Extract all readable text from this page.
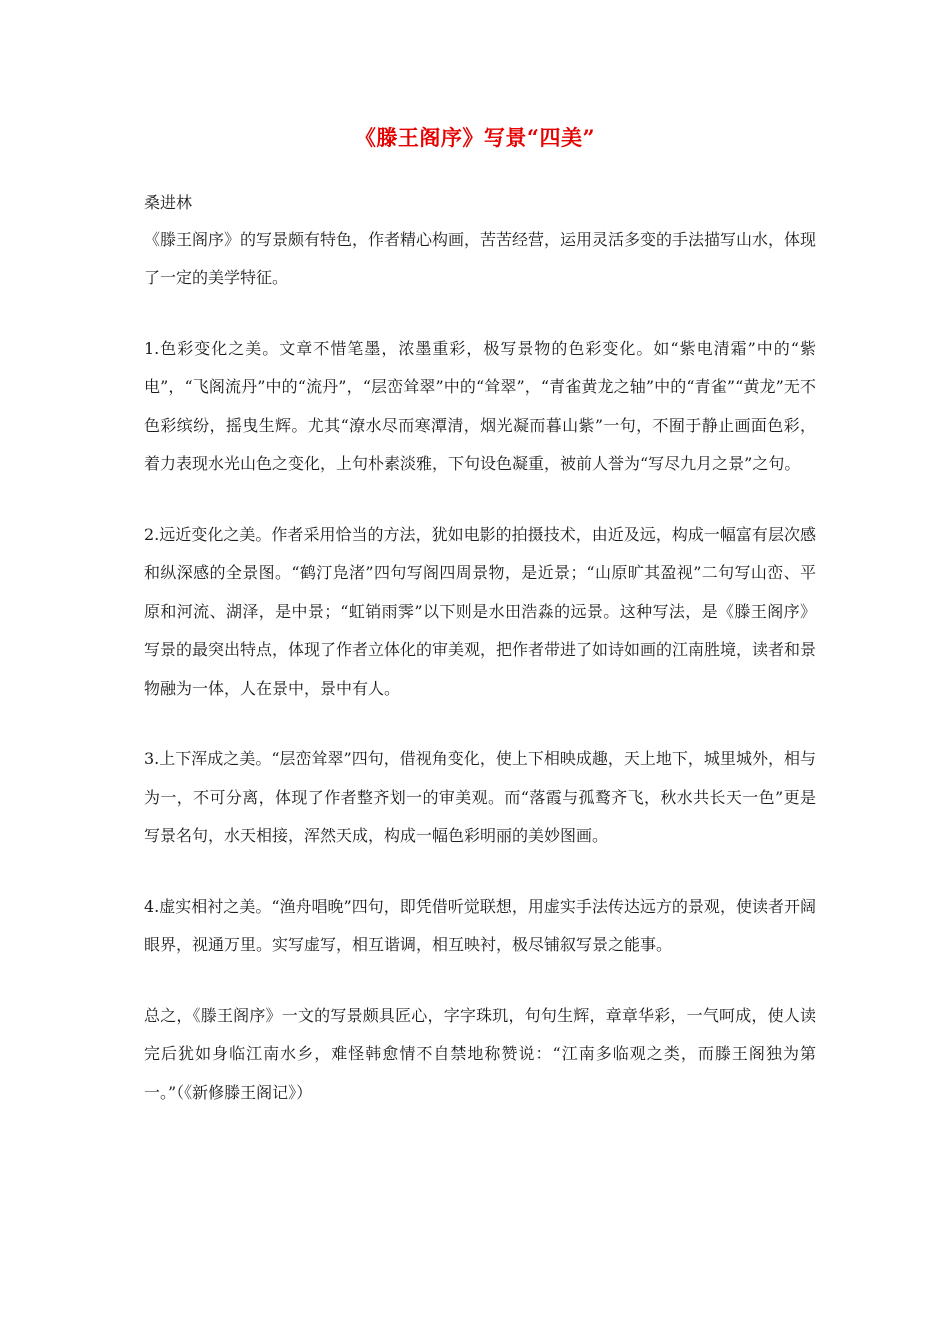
《滕王阁序》写景“四美”

桑进林

《滕王阁序》的写景颇有特色，作者精心构画，苦苦经营，运用灵活多变的手法描写山水，体现了一定的美学特征。

1.色彩变化之美。文章不惜笔墨，浓墨重彩，极写景物的色彩变化。如“紫电清霜”中的“紫电”，“飞阁流丹”中的“流丹”，“层峦耸翠”中的“耸翠”，“青雀黄龙之轴”中的“青雀”“黄龙”无不色彩缤纷，摇曳生辉。尤其“潦水尽而寒潭清，烟光凝而暮山紫”一句，不囿于静止画面色彩，着力表现水光山色之变化，上句朴素淡雅，下句设色凝重，被前人誉为“写尽九月之景”之句。

2.远近变化之美。作者采用恰当的方法，犹如电影的拍摄技术，由近及远，构成一幅富有层次感和纵深感的全景图。“鹤汀凫渚”四句写阁四周景物，是近景；“山原旷其盈视”二句写山峦、平原和河流、湖泽，是中景；“虹销雨霁”以下则是水田浩淼的远景。这种写法，是《滕王阁序》写景的最突出特点，体现了作者立体化的审美观，把作者带进了如诗如画的江南胜境，读者和景物融为一体，人在景中，景中有人。

3.上下浑成之美。“层峦耸翠”四句，借视角变化，使上下相映成趣，天上地下，城里城外，相与为一，不可分离，体现了作者整齐划一的审美观。而“落霞与孤鹜齐飞，秋水共长天一色”更是写景名句，水天相接，浑然天成，构成一幅色彩明丽的美妙图画。

4.虚实相衬之美。“渔舟唱晚”四句，即凭借听觉联想，用虚实手法传达远方的景观，使读者开阔眼界，视通万里。实写虚写，相互谐调，相互映衬，极尽铺叙写景之能事。

总之，《滕王阁序》一文的写景颇具匠心，字字珠玑，句句生辉，章章华彩，一气呵成，使人读完后犹如身临江南水乡，难怪韩愈情不自禁地称赞说：“江南多临观之类，而滕王阁独为第一。”（《新修滕王阁记》）
